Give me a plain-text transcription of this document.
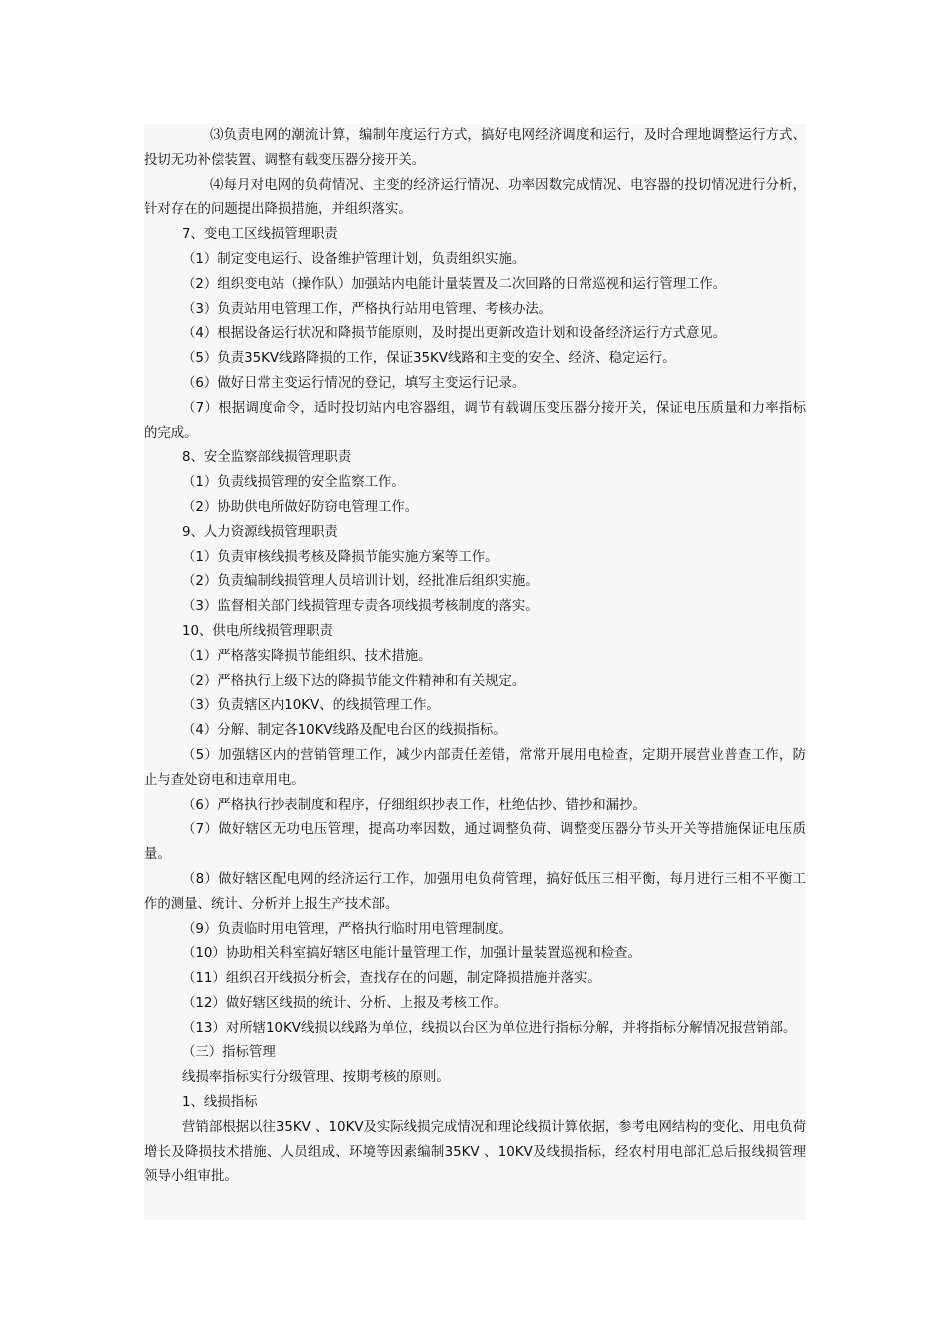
⑶负责电网的潮流计算，编制年度运行方式，搞好电网经济调度和运行，及时合理地调整运行方式、投切无功补偿装置、调整有载变压器分接开关。

⑷每月对电网的负荷情况、主变的经济运行情况、功率因数完成情况、电容器的投切情况进行分析，针对存在的问题提出降损措施，并组织落实。

7、变电工区线损管理职责

（1）制定变电运行、设备维护管理计划，负责组织实施。

（2）组织变电站（操作队）加强站内电能计量装置及二次回路的日常巡视和运行管理工作。

（3）负责站用电管理工作，严格执行站用电管理、考核办法。

（4）根据设备运行状况和降损节能原则，及时提出更新改造计划和设备经济运行方式意见。

（5）负责35KV线路降损的工作，保证35KV线路和主变的安全、经济、稳定运行。

（6）做好日常主变运行情况的登记，填写主变运行记录。

（7）根据调度命令，适时投切站内电容器组，调节有载调压变压器分接开关，保证电压质量和力率指标的完成。

8、安全监察部线损管理职责

（1）负责线损管理的安全监察工作。

（2）协助供电所做好防窃电管理工作。

9、人力资源线损管理职责

（1）负责审核线损考核及降损节能实施方案等工作。

（2）负责编制线损管理人员培训计划，经批准后组织实施。

（3）监督相关部门线损管理专责各项线损考核制度的落实。

10、供电所线损管理职责

（1）严格落实降损节能组织、技术措施。

（2）严格执行上级下达的降损节能文件精神和有关规定。

（3）负责辖区内10KV、的线损管理工作。

（4）分解、制定各10KV线路及配电台区的线损指标。

（5）加强辖区内的营销管理工作，减少内部责任差错，常常开展用电检查，定期开展营业普查工作，防止与查处窃电和违章用电。

（6）严格执行抄表制度和程序，仔细组织抄表工作，杜绝估抄、错抄和漏抄。

（7）做好辖区无功电压管理，提高功率因数，通过调整负荷、调整变压器分节头开关等措施保证电压质量。

（8）做好辖区配电网的经济运行工作，加强用电负荷管理，搞好低压三相平衡，每月进行三相不平衡工作的测量、统计、分析并上报生产技术部。

（9）负责临时用电管理，严格执行临时用电管理制度。

（10）协助相关科室搞好辖区电能计量管理工作，加强计量装置巡视和检查。

（11）组织召开线损分析会，查找存在的问题，制定降损措施并落实。

（12）做好辖区线损的统计、分析、上报及考核工作。

（13）对所辖10KV线损以线路为单位，线损以台区为单位进行指标分解，并将指标分解情况报营销部。

（三）指标管理

线损率指标实行分级管理、按期考核的原则。

1、线损指标

营销部根据以往35KV 、10KV及实际线损完成情况和理论线损计算依据，参考电网结构的变化、用电负荷增长及降损技术措施、人员组成、环境等因素编制35KV 、10KV及线损指标，经农村用电部汇总后报线损管理领导小组审批。
